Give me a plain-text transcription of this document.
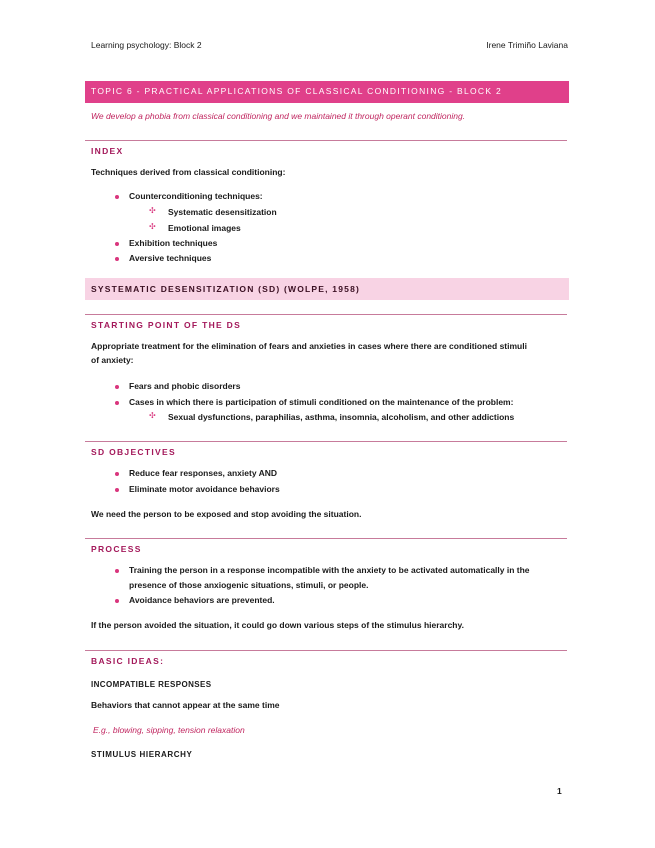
Learning psychology: Block 2	Irene Trimiño Laviana
TOPIC 6 - PRACTICAL APPLICATIONS OF CLASSICAL CONDITIONING - BLOCK 2
We develop a phobia from classical conditioning and we maintained it through operant conditioning.
INDEX
Techniques derived from classical conditioning:
Counterconditioning techniques:
✣ Systematic desensitization
✣ Emotional images
Exhibition techniques
Aversive techniques
SYSTEMATIC DESENSITIZATION (SD) (WOLPE, 1958)
STARTING POINT OF THE DS
Appropriate treatment for the elimination of fears and anxieties in cases where there are conditioned stimuli
of anxiety:
Fears and phobic disorders
Cases in which there is participation of stimuli conditioned on the maintenance of the problem:
✣ Sexual dysfunctions, paraphilias, asthma, insomnia, alcoholism, and other addictions
SD OBJECTIVES
Reduce fear responses, anxiety AND
Eliminate motor avoidance behaviors
We need the person to be exposed and stop avoiding the situation.
PROCESS
Training the person in a response incompatible with the anxiety to be activated automatically in the
presence of those anxiogenic situations, stimuli, or people.
Avoidance behaviors are prevented.
If the person avoided the situation, it could go down various steps of the stimulus hierarchy.
BASIC IDEAS:
INCOMPATIBLE RESPONSES
Behaviors that cannot appear at the same time
E.g., blowing, sipping, tension relaxation
STIMULUS HIERARCHY
1
